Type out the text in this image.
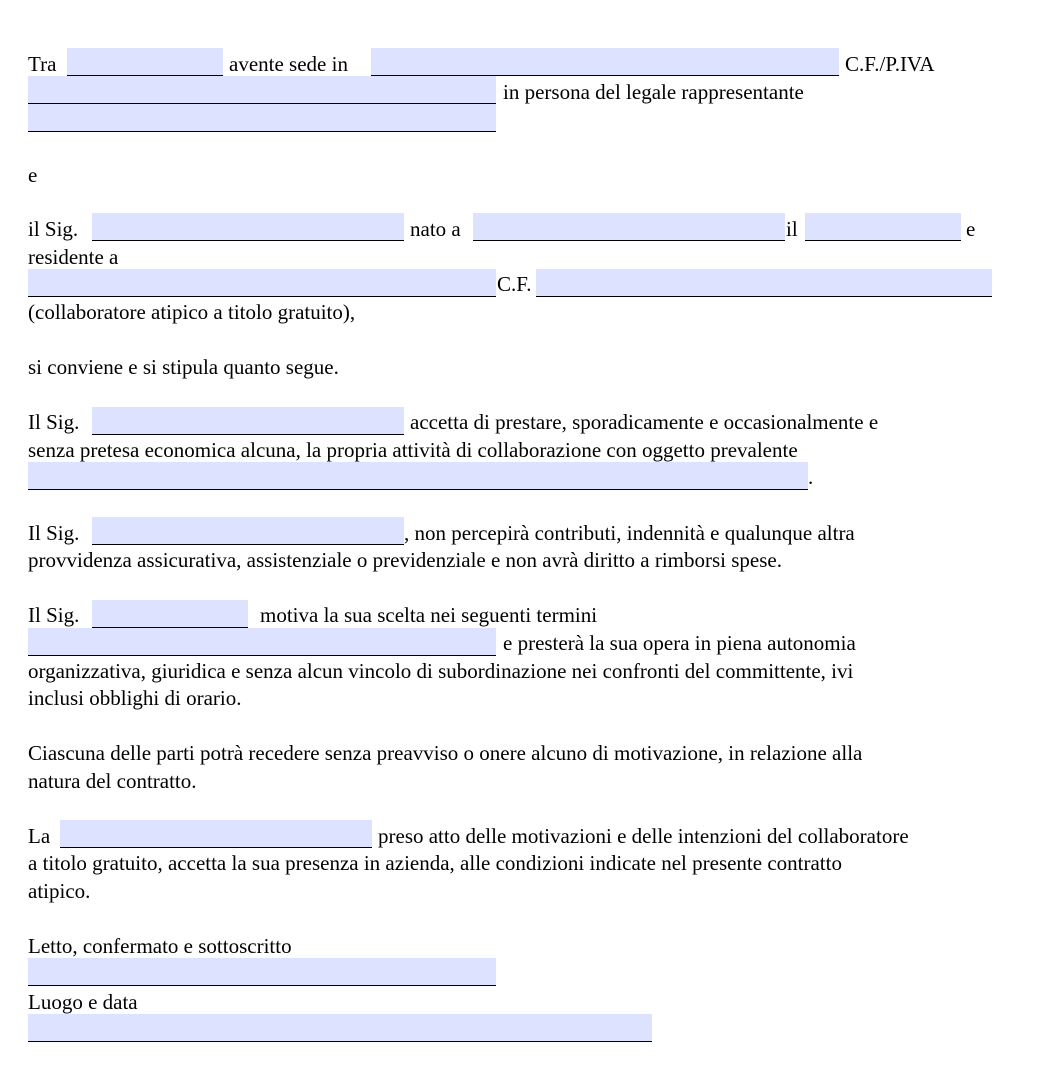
Tra	avente sede in	C.F./P.IVA
in persona del legale rappresentante
e
il Sig.	nato a	il	e
residente a
C.F.
(collaboratore atipico a titolo gratuito),
si conviene e si stipula quanto segue.
Il Sig.	accetta di prestare, sporadicamente e occasionalmente e
senza pretesa economica alcuna, la propria attività di collaborazione con oggetto prevalente
.
Il Sig.	, non percepirà contributi, indennità e qualunque altra
provvidenza assicurativa, assistenziale o previdenziale e non avrà diritto a rimborsi spese.
Il Sig.	motiva la sua scelta nei seguenti termini
e presterà la sua opera in piena autonomia
organizzativa, giuridica e senza alcun vincolo di subordinazione nei confronti del committente, ivi
inclusi obblighi di orario.
Ciascuna delle parti potrà recedere senza preavviso o onere alcuno di motivazione, in relazione alla
natura del contratto.
La	preso atto delle motivazioni e delle intenzioni del collaboratore
a titolo gratuito, accetta la sua presenza in azienda, alle condizioni indicate nel presente contratto
atipico.
Letto, confermato e sottoscritto
Luogo e data
